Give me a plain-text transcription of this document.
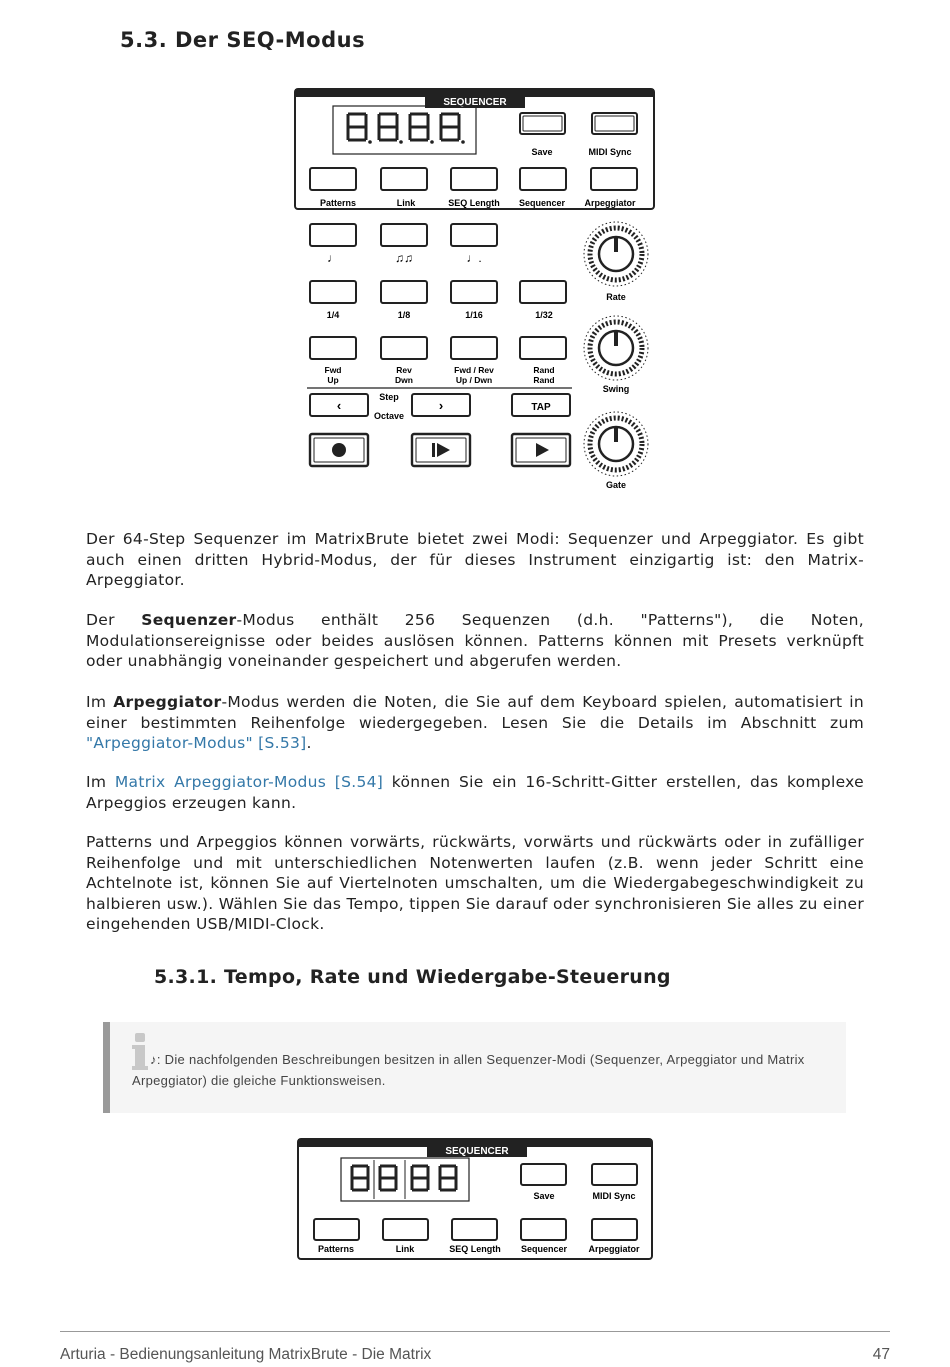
5.3. Der SEQ-Modus
SEQUENCER
Save	MIDI Sync
Patterns	Link	SEQ Length Sequencer Arpeggiator
♩	♫♫	♩.
1/4	1/8	1/16	1/32
Fwd
Up
Rev
Dwn
Fwd / Rev
Up / Dwn
Rand
Rand
‹	›
Step
Octave
TAP
Rate
Swing
Gate
Der 64-Step Sequenzer im MatrixBrute bietet zwei Modi: Sequenzer und Arpeggiator. Es gibt auch einen dritten Hybrid-Modus, der für dieses Instrument einzigartig ist: den Matrix-Arpeggiator.
Der Sequenzer-Modus enthält 256 Sequenzen (d.h. "Patterns"), die Noten, Modulationsereignisse oder beides auslösen können. Patterns können mit Presets verknüpft oder unabhängig voneinander gespeichert und abgerufen werden.
Im Arpeggiator-Modus werden die Noten, die Sie auf dem Keyboard spielen, automatisiert in einer bestimmten Reihenfolge wiedergegeben. Lesen Sie die Details im Abschnitt zum "Arpeggiator-Modus" [S.53].
Im Matrix Arpeggiator-Modus [S.54] können Sie ein 16-Schritt-Gitter erstellen, das komplexe Arpeggios erzeugen kann.
Patterns und Arpeggios können vorwärts, rückwärts, vorwärts und rückwärts oder in zufälliger Reihenfolge und mit unterschiedlichen Notenwerten laufen (z.B. wenn jeder Schritt eine Achtelnote ist, können Sie auf Viertelnoten umschalten, um die Wiedergabegeschwindigkeit zu halbieren usw.). Wählen Sie das Tempo, tippen Sie darauf oder synchronisieren Sie alles zu einer eingehenden USB/MIDI-Clock.
5.3.1. Tempo, Rate und Wiedergabe-Steuerung
♪: Die nachfolgenden Beschreibungen besitzen in allen Sequenzer-Modi (Sequenzer, Arpeggiator und Matrix Arpeggiator) die gleiche Funktionsweisen.
SEQUENCER
Save	MIDI Sync
Patterns	Link	SEQ Length Sequencer Arpeggiator
Arturia - Bedienungsanleitung MatrixBrute - Die Matrix	47
